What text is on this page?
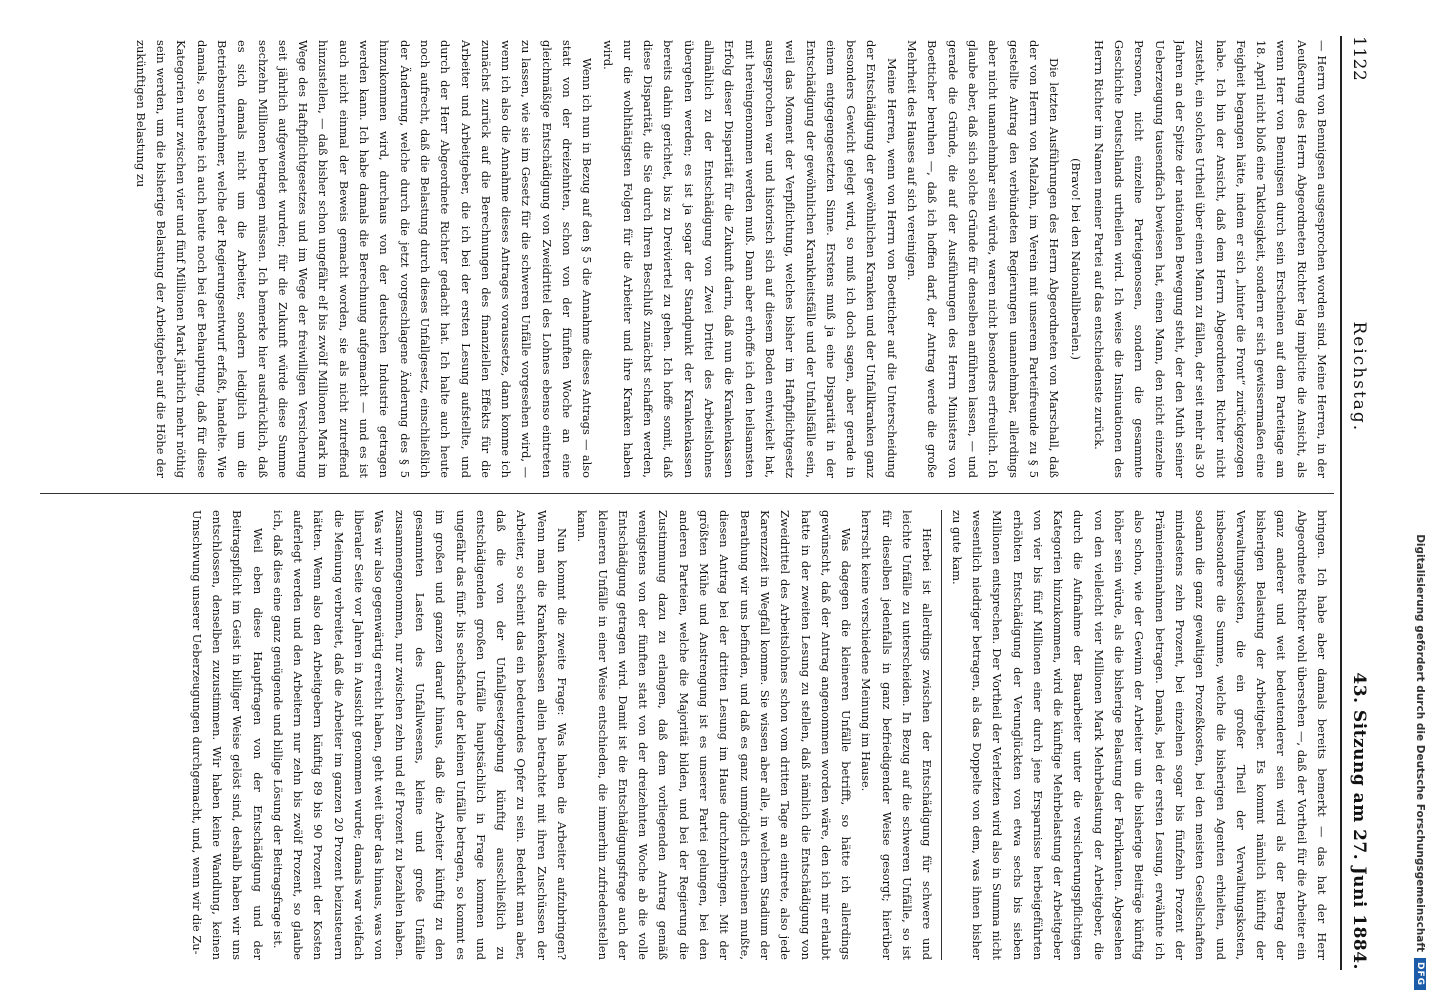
1122
Reichstag.
43. Sitzung am 27. Juni 1884.

— Herrn von Bennigsen ausgesprochen worden sind. Meine Herren, in der Aeußerung des Herrn Abgeordneten Richter lag implicite die Ansicht, als wenn Herr von Bennigsen durch sein Erscheinen auf dem Parteitage am 18. April nicht bloß eine Taktlosigkeit, sondern er sich gewissermaßen eine Feigheit begangen hätte, indem er sich „hinter die Front“ zurückgezogen habe. Ich bin der Ansicht, daß dem Herrn Abgeordneten Richter nicht zusteht, ein solches Urtheil über einen Mann zu fällen, der seit mehr als 30 Jahren an der Spitze der nationalen Bewegung steht, der den Muth seiner Ueberzeugung tausendfach bewiesen hat, einen Mann, den nicht einzelne Personen, nicht einzelne Parteigenossen, sondern die gesammte Geschichte Deutschlands urtheilen wird. Ich weise die Insinuationen des Herrn Richter im Namen meiner Partei auf das entschiedenste zurück.

(Bravo! bei den Nationalliberalen.)

Die letzten Ausführungen des Herrn Abgeordneten von Marschall, daß der von Herrn von Malzahn, im Verein mit unserem Parteifreunde zu § 5 gestellte Antrag den verbündeten Regierungen unannehmbar, allerdings aber nicht unannehmbar sein würde, waren nicht besonders erfreulich. Ich glaube aber, daß sich solche Gründe für denselben anführen lassen, — und gerade die Gründe, die auf der Ausführungen des Herrn Ministers von Boetticher beruhen —, daß ich hoffen darf, der Antrag werde die große Mehrheit des Hauses auf sich vereinigen.

Meine Herren, wenn von Herrn von Boetticher auf die Unterscheidung der Entschädigung der gewöhnlichen Kranken und der Unfallkranken ganz besonders Gewicht gelegt wird, so muß ich doch sagen, aber gerade in einem entgegengesetzten Sinne. Erstens muß ja eine Disparität in der Entschädigung der gewöhnlichen Krankheitsfälle und der Unfallsfälle sein, weil das Moment der Verpflichtung, welches bisher im Haftpflichtgesetz ausgesprochen war und historisch sich auf diesem Boden entwickelt hat, mit hereingenommen werden muß. Dann aber erhoffe ich den heilsamsten Erfolg dieser Disparität für die Zukunft darin, daß nun die Krankenkassen allmählich zu der Entschädigung von Zwei Drittel des Arbeitslohnes übergehen werden; es ist ja sogar der Standpunkt der Krankenkassen bereits dahin gerichtet, bis zu Dreiviertel zu gehen. Ich hoffe somit, daß diese Disparität, die Sie durch Ihren Beschluß zunächst schaffen werden, nur die wohlthätigsten Folgen für die Arbeiter und ihre Kranken haben wird.

Wenn ich nun in Bezug auf den § 5 die Annahme dieses Antrags — also statt von der dreizehnten, schon von der fünften Woche an eine gleichmäßige Entschädigung von Zweidrittel des Lohnes ebenso eintreten zu lassen, wie sie im Gesetz für die schweren Unfälle vorgesehen wird, — wenn ich also die Annahme dieses Antrages voraussetze, dann komme ich zunächst zurück auf die Berechnungen des finanziellen Effekts für die Arbeiter und Arbeitgeber, die ich bei der ersten Lesung aufstellte, und durch der Herr Abgeordnete Richter gedacht hat. Ich halte auch heute noch aufrecht, daß die Belastung durch dieses Unfallgesetz, einschließlich der Änderung, welche durch die jetzt vorgeschlagene Änderung des § 5 hinzukommen wird, durchaus von der deutschen Industrie getragen werden kann. Ich habe damals die Berechnung aufgemacht — und es ist auch nicht einmal der Beweis gemacht worden, sie als nicht zutreffend hinzustellen, — daß bisher schon ungefähr elf bis zwölf Millionen Mark im Wege des Haftpflichtgesetzes und im Wege der freiwilligen Versicherung seit jährlich aufgewendet wurden; für die Zukunft würde diese Summe sechzehn Millionen betragen müssen. Ich bemerke hier ausdrücklich, daß es sich damals nicht um die Arbeiter, sondern lediglich um die Betriebsunternehmer, welche der Regierungsentwurf erfaßt, handelte. Wie damals, so bestehe ich auch heute noch bei der Behauptung, daß für diese Kategorien nur zwischen vier und fünf Millionen Mark jährlich mehr nöthig sein werden, um die bisherige Belastung der Arbeitgeber auf die Höhe der zukünftigen Belastung zu

bringen. Ich habe aber damals bereits bemerkt — das hat der Herr Abgeordnete Richter wohl übersehen —, daß der Vortheil für die Arbeiter ein ganz anderer und weit bedeutenderer sein wird als der Betrag der bisherigen Belastung der Arbeitgeber. Es kommt nämlich künftig der Verwaltungskosten, die ein großer Theil der Verwaltungskosten, insbesondere die Summe, welche die bisherigen Agenten erhielten, und sodann die ganz gewaltigen Prozeßkosten, bei den meisten Gesellschaften mindestens zehn Prozent, bei einzelnen sogar bis fünfzehn Prozent der Prämieneinnahmen betragen. Damals, bei der ersten Lesung, erwähnte ich also schon, wie der Gewinn der Arbeiter um die bisherige Beiträge künftig höher sein würde, als die bisherige Belastung der Fabrikanten. Abgesehen von den vielleicht vier Millionen Mark Mehrbelastung der Arbeitgeber, die durch die Aufnahme der Bauarbeiter unter die versicherungspflichtigen Kategorien hinzukommen, wird die künftige Mehrbelastung der Arbeitgeber von vier bis fünf Millionen einer durch jene Ersparnisse herbeigeführten erhöhten Entschädigung der Verunglückten von etwa sechs bis sieben Millionen entsprechen. Der Vortheil der Verletzten wird also in Summa nicht wesentlich niedriger betragen, als das Doppelte von dem, was ihnen bisher zu gute kam.

Hierbei ist allerdings zwischen der Entschädigung für schwere und leichte Unfälle zu unterscheiden. In Bezug auf die schweren Unfälle, so ist für dieselben jedenfalls in ganz befriedigender Weise gesorgt; hierüber herrscht keine verschiedene Meinung im Hause.

Was dagegen die kleineren Unfälle betrifft, so hätte ich allerdings gewünscht, daß der Antrag angenommen worden wäre, den ich mir erlaubt hatte in der zweiten Lesung zu stellen, daß nämlich die Entschädigung von Zweidrittel des Arbeitslohnes schon vom dritten Tage an eintrete, also jede Karenzzeit in Wegfall komme. Sie wissen aber alle, in welchem Stadium der Berathung wir uns befinden, und daß es ganz unmöglich erscheinen mußte, diesen Antrag bei der dritten Lesung im Hause durchzubringen. Mit der größten Mühe und Anstrengung ist es unserer Partei gelungen, bei den anderen Parteien, welche die Majorität bilden, und bei der Regierung die Zustimmung dazu zu erlangen, daß dem vorliegenden Antrag gemäß wenigstens von der fünften statt von der dreizehnten Woche ab die volle Entschädigung getragen wird. Damit ist die Entschädigungsfrage auch der kleineren Unfälle in einer Weise entschieden, die immerhin zufriedenstellen kann.

Nun kommt die zweite Frage: Was haben die Arbeiter aufzubringen? Wenn man die Krankenkassen allein betrachtet mit ihren Zuschüssen der Arbeiter, so scheint das ein bedeutendes Opfer zu sein. Bedenkt man aber, daß die von der Unfallgesetzgebung künftig ausschließlich zu entschädigenden großen Unfälle hauptsächlich in Frage kommen und ungefähr das fünf- bis sechsfache der kleinen Unfälle betragen, so kommt es im großen und ganzen darauf hinaus, daß die Arbeiter künftig zu den gesammten Lasten des Unfallwesens, kleine und große Unfälle zusammengenommen, nur zwischen zehn und elf Prozent zu bezahlen haben. Was wir also gegenwärtig erreicht haben, geht weit über das hinaus, was von liberaler Seite vor Jahren in Aussicht genommen wurde; damals war vielfach die Meinung verbreitet, daß die Arbeiter im ganzen 20 Prozent beizusteuern hätten. Wenn also den Arbeitgebern künftig 89 bis 90 Prozent der Kosten auferlegt werden und den Arbeitern nur zehn bis zwölf Prozent, so glaube ich, daß dies eine ganz genügende und billige Lösung der Beitragsfrage ist.

Weil eben diese Hauptfragen von der Entschädigung und der Beitragspflicht im Geist in billiger Weise gelöst sind, deshalb haben wir uns entschlossen, denselben zuzustimmen. Wir haben keine Wandlung, keinen Umschwung unserer Ueberzeugungen durchgemacht, und, wenn wir die Zu-	Digitalisierung gefördert durch die Deutsche Forschungsgemeinschaft
DFG
